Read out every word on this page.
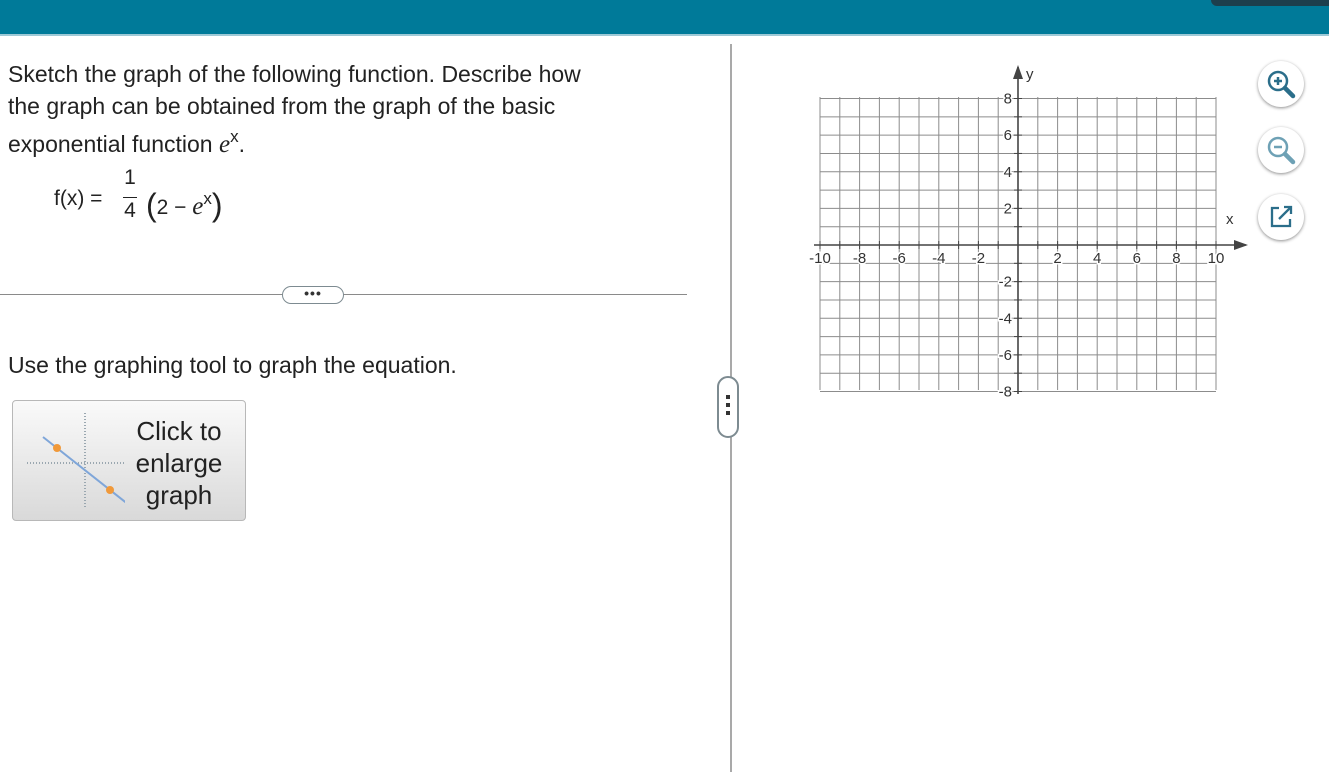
Sketch the graph of the following function. Describe how
the graph can be obtained from the graph of the basic
exponential function $e^x$.
f(x) =
1
4 $(2 - e^x)$
•••
Use the graphing tool to graph the equation.
Click to
enlarge
graph
-10 -8 -6 -4 -2	2 4 6 8 10
8
6
4
2
-2
-4
-6
-8
x
y
